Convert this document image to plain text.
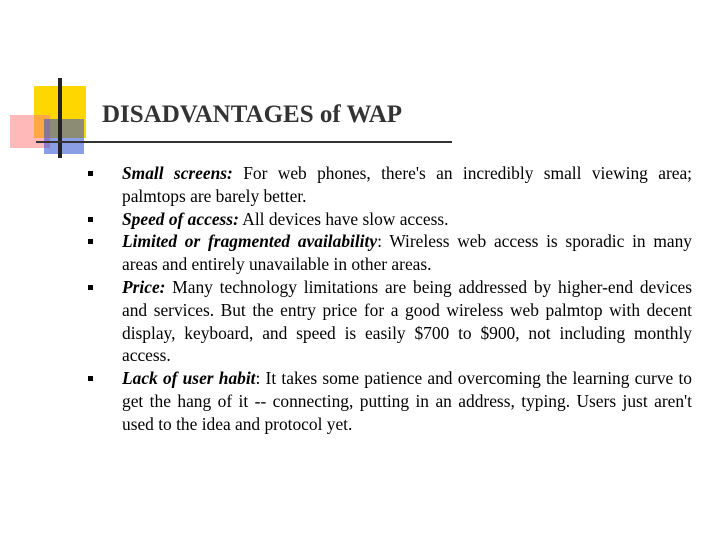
DISADVANTAGES of WAP
Small screens: For web phones, there's an incredibly small viewing area; palmtops are barely better.
Speed of access: All devices have slow access.
Limited or fragmented availability: Wireless web access is sporadic in many areas and entirely unavailable in other areas.
Price: Many technology limitations are being addressed by higher-end devices and services. But the entry price for a good wireless web palmtop with decent display, keyboard, and speed is easily $700 to $900, not including monthly access.
Lack of user habit: It takes some patience and overcoming the learning curve to get the hang of it -- connecting, putting in an address, typing. Users just aren't used to the idea and protocol yet.
